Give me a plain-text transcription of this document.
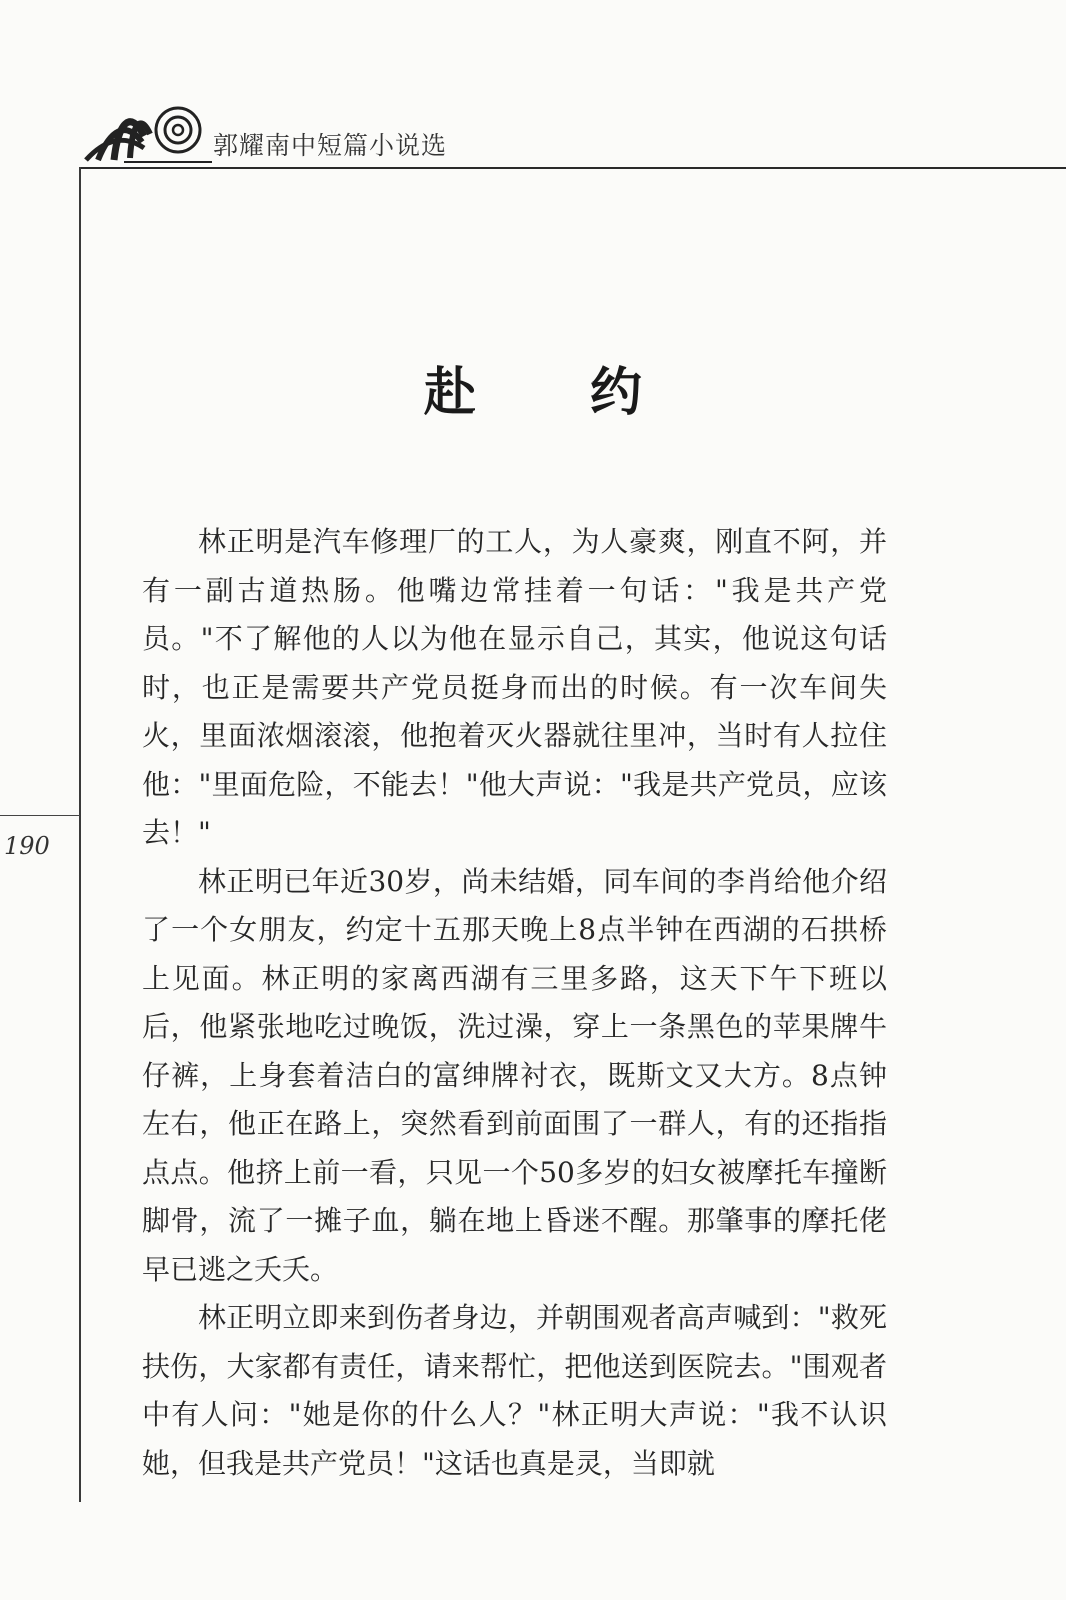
郭耀南中短篇小说选
190
赴 约

林正明是汽车修理厂的工人，为人豪爽，刚直不阿，并有一副古道热肠。他嘴边常挂着一句话："我是共产党员。"不了解他的人以为他在显示自己，其实，他说这句话时，也正是需要共产党员挺身而出的时候。有一次车间失火，里面浓烟滚滚，他抱着灭火器就往里冲，当时有人拉住他："里面危险，不能去！"他大声说："我是共产党员，应该去！"

林正明已年近30岁，尚未结婚，同车间的李肖给他介绍了一个女朋友，约定十五那天晚上8点半钟在西湖的石拱桥上见面。林正明的家离西湖有三里多路，这天下午下班以后，他紧张地吃过晚饭，洗过澡，穿上一条黑色的苹果牌牛仔裤，上身套着洁白的富绅牌衬衣，既斯文又大方。8点钟左右，他正在路上，突然看到前面围了一群人，有的还指指点点。他挤上前一看，只见一个50多岁的妇女被摩托车撞断脚骨，流了一摊子血，躺在地上昏迷不醒。那肇事的摩托佬早已逃之夭夭。

林正明立即来到伤者身边，并朝围观者高声喊到："救死扶伤，大家都有责任，请来帮忙，把他送到医院去。"围观者中有人问："她是你的什么人？"林正明大声说："我不认识她，但我是共产党员！"这话也真是灵，当即就
